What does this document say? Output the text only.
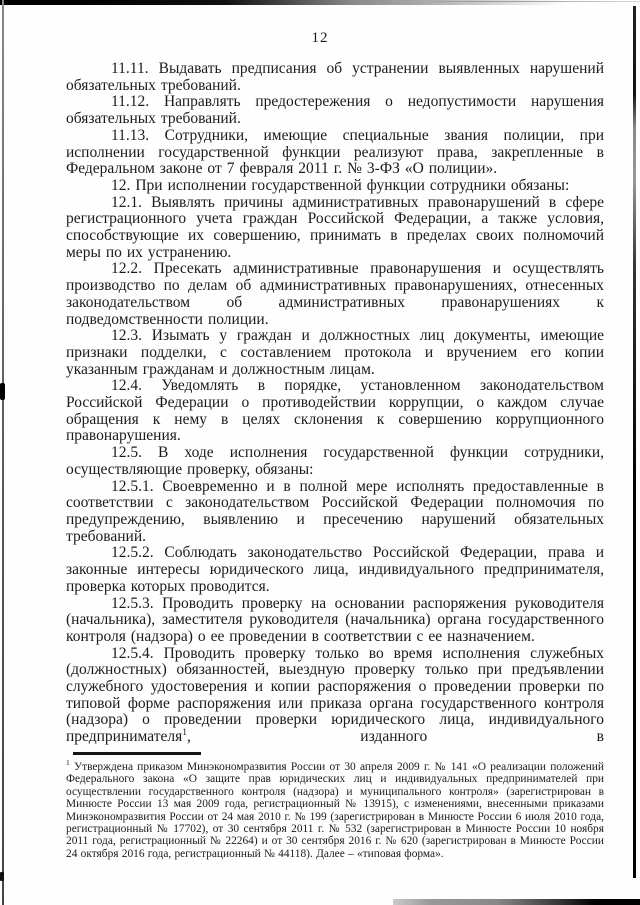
12

11.11. Выдавать предписания об устранении выявленных нарушений обязательных требований.

11.12. Направлять предостережения о недопустимости нарушения обязательных требований.

11.13. Сотрудники, имеющие специальные звания полиции, при исполнении государственной функции реализуют права, закрепленные в Федеральном законе от 7 февраля 2011 г. № 3-ФЗ «О полиции».

12. При исполнении государственной функции сотрудники обязаны:

12.1. Выявлять причины административных правонарушений в сфере регистрационного учета граждан Российской Федерации, а также условия, способствующие их совершению, принимать в пределах своих полномочий меры по их устранению.

12.2. Пресекать административные правонарушения и осуществлять производство по делам об административных правонарушениях, отнесенных законодательством об административных правонарушениях к подведомственности полиции.

12.3. Изымать у граждан и должностных лиц документы, имеющие признаки подделки, с составлением протокола и вручением его копии указанным гражданам и должностным лицам.

12.4. Уведомлять в порядке, установленном законодательством Российской Федерации о противодействии коррупции, о каждом случае обращения к нему в целях склонения к совершению коррупционного правонарушения.

12.5. В ходе исполнения государственной функции сотрудники, осуществляющие проверку, обязаны:

12.5.1. Своевременно и в полной мере исполнять предоставленные в соответствии с законодательством Российской Федерации полномочия по предупреждению, выявлению и пресечению нарушений обязательных требований.

12.5.2. Соблюдать законодательство Российской Федерации, права и законные интересы юридического лица, индивидуального предпринимателя, проверка которых проводится.

12.5.3. Проводить проверку на основании распоряжения руководителя (начальника), заместителя руководителя (начальника) органа государственного контроля (надзора) о ее проведении в соответствии с ее назначением.

12.5.4. Проводить проверку только во время исполнения служебных (должностных) обязанностей, выездную проверку только при предъявлении служебного удостоверения и копии распоряжения о проведении проверки по типовой форме распоряжения или приказа органа государственного контроля (надзора) о проведении проверки юридического лица, индивидуального предпринимателя$^1$, изданного в

$^1$ Утверждена приказом Минэкономразвития России от 30 апреля 2009 г. № 141 «О реализации положений Федерального закона «О защите прав юридических лиц и индивидуальных предпринимателей при осуществлении государственного контроля (надзора) и муниципального контроля» (зарегистрирован в Минюсте России 13 мая 2009 года, регистрационный № 13915), с изменениями, внесенными приказами Минэкономразвития России от 24 мая 2010 г. № 199 (зарегистрирован в Минюсте России 6 июля 2010 года, регистрационный № 17702), от 30 сентября 2011 г. № 532 (зарегистрирован в Минюсте России 10 ноября 2011 года, регистрационный № 22264) и от 30 сентября 2016 г. № 620 (зарегистрирован в Минюсте России 24 октября 2016 года, регистрационный № 44118). Далее – «типовая форма».
